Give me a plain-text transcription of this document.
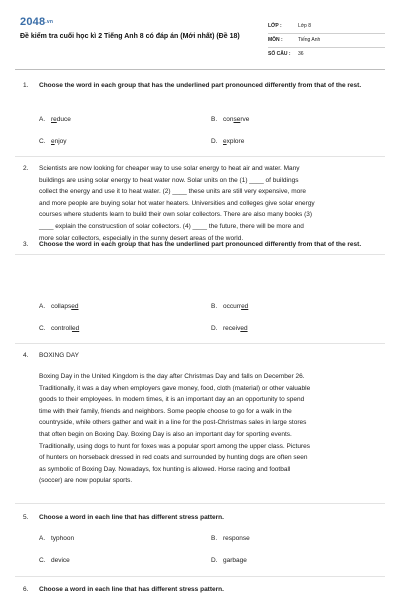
2048.vn
Đề kiểm tra cuối học kì 2 Tiếng Anh 8 có đáp án (Mới nhất) (Đề 18)
LỚP :	Lớp 8
MÔN :	Tiếng Anh
SỐ CÂU : 36
1. Choose the word in each group that has the underlined part pronounced differently from that of the rest.
A. reduce	B. conserve
C. enjoy	D. explore
2. Scientists are now looking for cheaper way to use solar energy to heat air and water. Many
buildings are using solar energy to heat water now. Solar units on the (1) ____ of buildings
collect the energy and use it to heat water. (2) ____ these units are still very expensive, more
and more people are buying solar hot water heaters. Universities and colleges give solar energy
courses where students learn to build their own solar collectors. There are also many books (3)
____ explain the construcstion of solar collectors. (4) ____ the future, there will be more and
more solar collectors, especially in the sunny desert areas of the world.
3. Choose the word in each group that has the underlined part pronounced differently from that of the rest.
A. collapsed	B. occurred
C. controlled	D. received
4. BOXING DAY
Boxing Day in the United Kingdom is the day after Christmas Day and falls on December 26.
Traditionally, it was a day when employers gave money, food, cloth (material) or other valuable
goods to their employees. In modern times, it is an important day an an opportunity to spend
time with their family, friends and neighbors. Some people choose to go for a walk in the
countryside, while others gather and wait in a line for the post-Christmas sales in large stores
that often begin on Boxing Day. Boxing Day is also an important day for sporting events.
Traditionally, using dogs to hunt for foxes was a popular sport among the upper class. Pictures
of hunters on horseback dressed in red coats and surrounded by hunting dogs are often seen
as symbolic of Boxing Day. Nowadays, fox hunting is allowed. Horse racing and football
(soccer) are now popular sports.
5. Choose a word in each line that has different stress pattern.
A. typhoon	B. response
C. device	D. garbage
6. Choose a word in each line that has different stress pattern.
